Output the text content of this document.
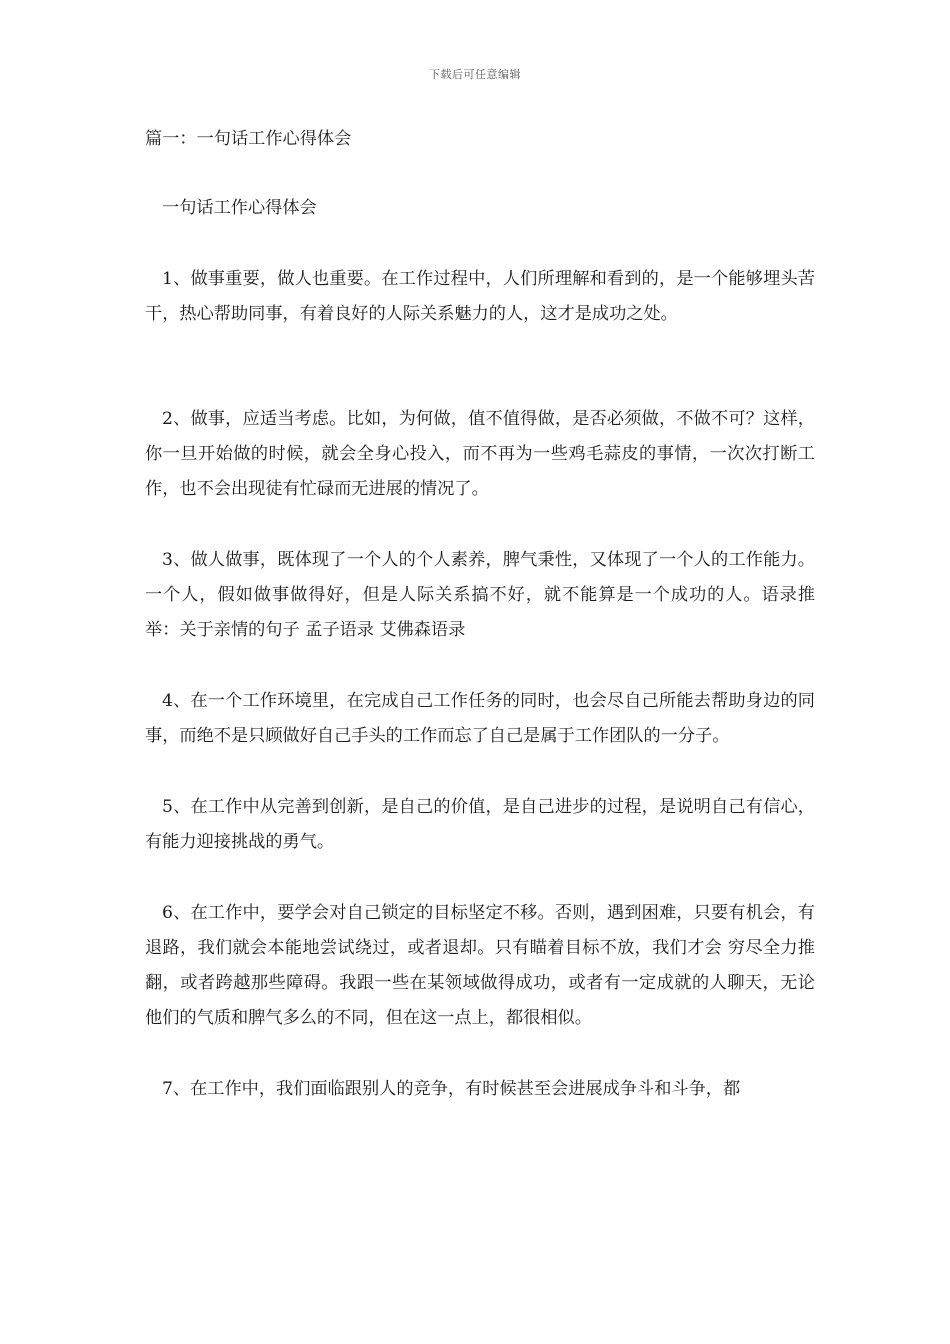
下载后可任意编辑
篇一：一句话工作心得体会

一句话工作心得体会

1、做事重要，做人也重要。在工作过程中，人们所理解和看到的，是一个能够埋头苦干，热心帮助同事，有着良好的人际关系魅力的人，这才是成功之处。

2、做事，应适当考虑。比如，为何做，值不值得做，是否必须做，不做不可？这样，你一旦开始做的时候，就会全身心投入，而不再为一些鸡毛蒜皮的事情，一次次打断工作，也不会出现徒有忙碌而无进展的情况了。

3、做人做事，既体现了一个人的个人素养，脾气秉性，又体现了一个人的工作能力。一个人，假如做事做得好，但是人际关系搞不好，就不能算是一个成功的人。语录推举：关于亲情的句子 孟子语录 艾佛森语录

4、在一个工作环境里，在完成自己工作任务的同时，也会尽自己所能去帮助身边的同事，而绝不是只顾做好自己手头的工作而忘了自己是属于工作团队的一分子。

5、在工作中从完善到创新，是自己的价值，是自己进步的过程，是说明自己有信心，有能力迎接挑战的勇气。

6、在工作中，要学会对自己锁定的目标坚定不移。否则，遇到困难，只要有机会，有退路，我们就会本能地尝试绕过，或者退却。只有瞄着目标不放，我们才会 穷尽全力推翻，或者跨越那些障碍。我跟一些在某领域做得成功，或者有一定成就的人聊天，无论他们的气质和脾气多么的不同，但在这一点上，都很相似。

7、在工作中，我们面临跟别人的竞争，有时候甚至会进展成争斗和斗争，都
